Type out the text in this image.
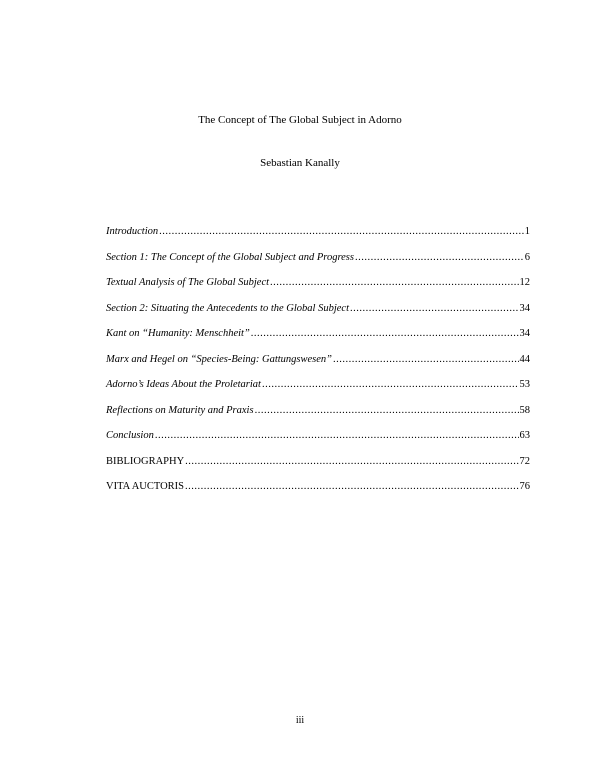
The Concept of The Global Subject in Adorno
Sebastian Kanally
Introduction .....	1
Section 1: The Concept of the Global Subject and Progress .....	6
Textual Analysis of The Global Subject .....	12
Section 2: Situating the Antecedents to the Global Subject .....	34
Kant on “Humanity: Menschheit” .....	34
Marx and Hegel on “Species-Being: Gattungswesen” .....	44
Adorno’s Ideas About the Proletariat .....	53
Reflections on Maturity and Praxis .....	58
Conclusion .....	63
BIBLIOGRAPHY .....	72
VITA AUCTORIS .....	76
iii
